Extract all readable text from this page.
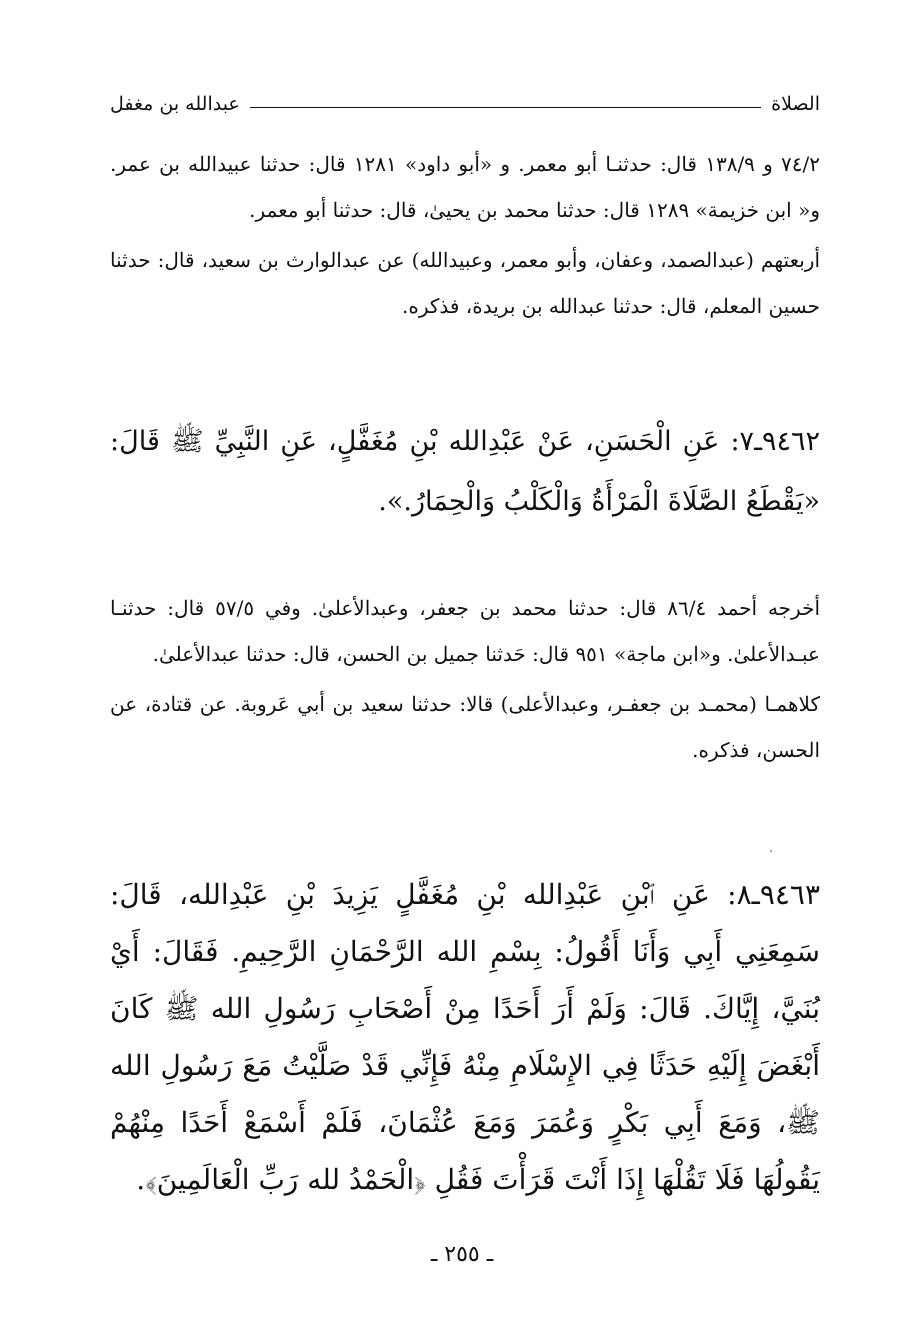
الصلاة
عبدالله بن مغفل
٧٤/٢ و ١٣٨/٩ قال: حدثنـا أبو معمر. و «أبو داود» ١٢٨١ قال: حدثنا عبيدالله بن عمر. و« ابن خزيمة» ١٢٨٩ قال: حدثنا محمد بن يحيىٰ، قال: حدثنا أبو معمر.
أربعتهم (عبدالصمد، وعفان، وأبو معمر، وعبيدالله) عن عبدالوارث بن سعيد، قال: حدثنا حسين المعلم، قال: حدثنا عبدالله بن بريدة، فذكره.
٩٤٦٢ـ٧: عَنِ الْحَسَنِ، عَنْ عَبْدِالله بْنِ مُغَفَّلٍ، عَنِ النَّبِيِّ ﷺ قَالَ: «يَقْطَعُ الصَّلَاةَ الْمَرْأَةُ وَالْكَلْبُ وَالْحِمَارُ.».
أخرجه أحمد ٨٦/٤ قال: حدثنا محمد بن جعفر، وعبدالأعلىٰ. وفي ٥٧/٥ قال: حدثنـا عبـدالأعلىٰ. و«ابن ماجة» ٩٥١ قال: حَدثنا جميل بن الحسن، قال: حدثنا عبدالأعلىٰ.
كلاهمـا (محمـد بن جعفـر، وعبدالأعلى) قالا: حدثنا سعيد بن أبي عَروبة. عن قتادة، عن الحسن، فذكره.
٩٤٦٣ـ٨: عَنِ ٱبْنِ عَبْدِالله بْنِ مُغَفَّلٍ يَزِيدَ بْنِ عَبْدِالله، قَالَ: سَمِعَنِي أَبِي وَأَنَا أَقُولُ: بِسْمِ الله الرَّحْمَانِ الرَّحِيمِ. فَقَالَ: أَيْ بُنَيَّ، إِيَّاكَ. قَالَ: وَلَمْ أَرَ أَحَدًا مِنْ أَصْحَابِ رَسُولِ الله ﷺ كَانَ أَبْغَضَ إِلَيْهِ حَدَثًا فِي الإِسْلَامِ مِنْهُ فَإِنِّي قَدْ صَلَّيْتُ مَعَ رَسُولِ الله ﷺ، وَمَعَ أَبِي بَكْرٍ وَعُمَرَ وَمَعَ عُثْمَانَ، فَلَمْ أَسْمَعْ أَحَدًا مِنْهُمْ يَقُولُهَا فَلَا تَقُلْهَا إِذَا أَنْتَ قَرَأْتَ فَقُلِ ﴿الْحَمْدُ لله رَبِّ الْعَالَمِينَ﴾.
ـ ٢٥٥ ـ
